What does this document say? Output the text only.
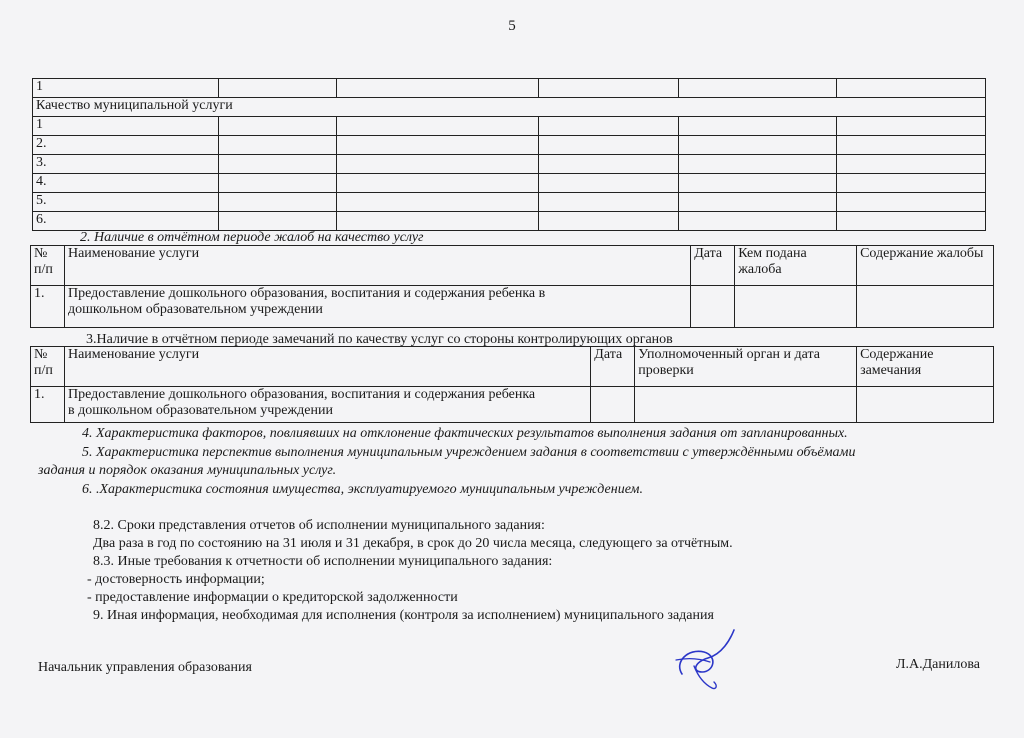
5
1					
Качество муниципальной услуги					
1					
2.					
3.					
4.					
5.					
6.					
2. Наличие в отчётном периоде жалоб на качество услуг
№ п/п	Наименование услуги	Дата	Кем подана жалоба	Содержание жалобы
1.	Предоставление дошкольного образования, воспитания и содержания ребенка в дошкольном образовательном учреждении			
3.Наличие в отчётном периоде замечаний по качеству услуг со стороны контролирующих органов
№ п/п	Наименование услуги	Дата	Уполномоченный орган и дата проверки	Содержание замечания
1.	Предоставление дошкольного образования, воспитания и содержания ребенка в дошкольном образовательном учреждении			
4. Характеристика факторов, повлиявших на отклонение фактических результатов выполнения задания от запланированных.
5. Характеристика перспектив выполнения муниципальным учреждением задания в соответствии с утверждёнными объёмами
задания и порядок оказания муниципальных услуг.
6. .Характеристика состояния имущества, эксплуатируемого муниципальным учреждением.
8.2. Сроки представления отчетов об исполнении муниципального задания:
Два раза в год по состоянию на 31 июля и 31 декабря, в срок до 20 числа месяца, следующего за отчётным.
8.3. Иные требования к отчетности об исполнении муниципального задания:
- достоверность информации;
- предоставление информации о кредиторской задолженности
9. Иная информация, необходимая для исполнения (контроля за исполнением) муниципального задания
Начальник управления образования	Л.А.Данилова
